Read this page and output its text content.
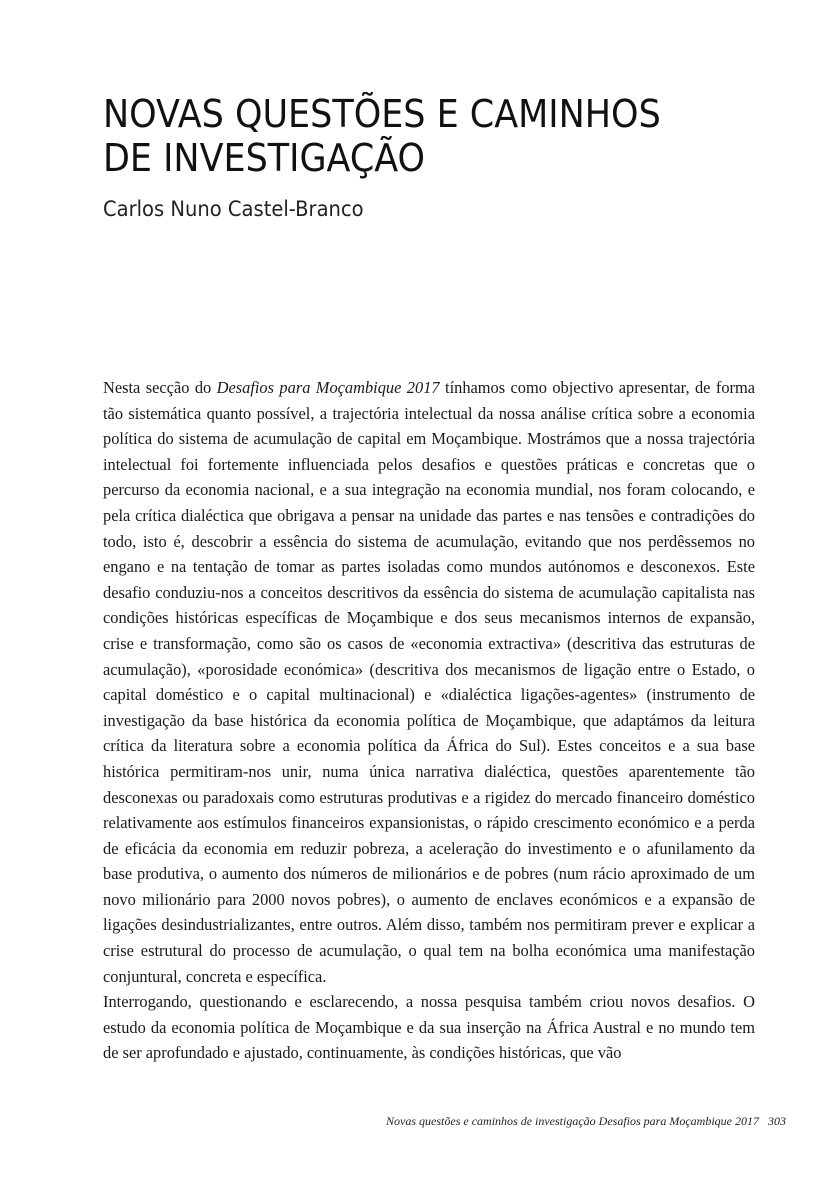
NOVAS QUESTÕES E CAMINHOS
DE INVESTIGAÇÃO
Carlos Nuno Castel-Branco

Nesta secção do Desafios para Moçambique 2017 tínhamos como objectivo apresentar, de forma tão sistemática quanto possível, a trajectória intelectual da nossa análise crítica sobre a economia política do sistema de acumulação de capital em Moçambique. Mostrámos que a nossa trajectória intelectual foi fortemente influenciada pelos desafios e questões práticas e concretas que o percurso da economia nacional, e a sua integração na economia mundial, nos foram colocando, e pela crítica dialéctica que obrigava a pensar na unidade das partes e nas tensões e contradições do todo, isto é, descobrir a essência do sistema de acumulação, evitando que nos perdêssemos no engano e na tentação de tomar as partes isoladas como mundos autónomos e desconexos. Este desafio conduziu-nos a conceitos descritivos da essência do sistema de acumulação capitalista nas condições históricas específicas de Moçambique e dos seus mecanismos internos de expansão, crise e transformação, como são os casos de «economia extractiva» (descritiva das estruturas de acumulação), «porosidade económica» (descritiva dos mecanismos de ligação entre o Estado, o capital doméstico e o capital multinacional) e «dialéctica ligações-agentes» (instrumento de investigação da base histórica da economia política de Moçambique, que adaptámos da leitura crítica da literatura sobre a economia política da África do Sul). Estes conceitos e a sua base histórica permitiram-nos unir, numa única narrativa dialéctica, questões aparentemente tão desconexas ou paradoxais como estruturas produtivas e a rigidez do mercado financeiro doméstico relativamente aos estímulos financeiros expansionistas, o rápido crescimento económico e a perda de eficácia da economia em reduzir pobreza, a aceleração do investimento e o afunilamento da base produtiva, o aumento dos números de milionários e de pobres (num rácio aproximado de um novo milionário para 2000 novos pobres), o aumento de enclaves económicos e a expansão de ligações desindustrializantes, entre outros. Além disso, também nos permitiram prever e explicar a crise estrutural do processo de acumulação, o qual tem na bolha económica uma manifestação conjuntural, concreta e específica.

Interrogando, questionando e esclarecendo, a nossa pesquisa também criou novos desafios. O estudo da economia política de Moçambique e da sua inserção na África Austral e no mundo tem de ser aprofundado e ajustado, continuamente, às condições históricas, que vão

Novas questões e caminhos de investigação Desafios para Moçambique 2017 303
